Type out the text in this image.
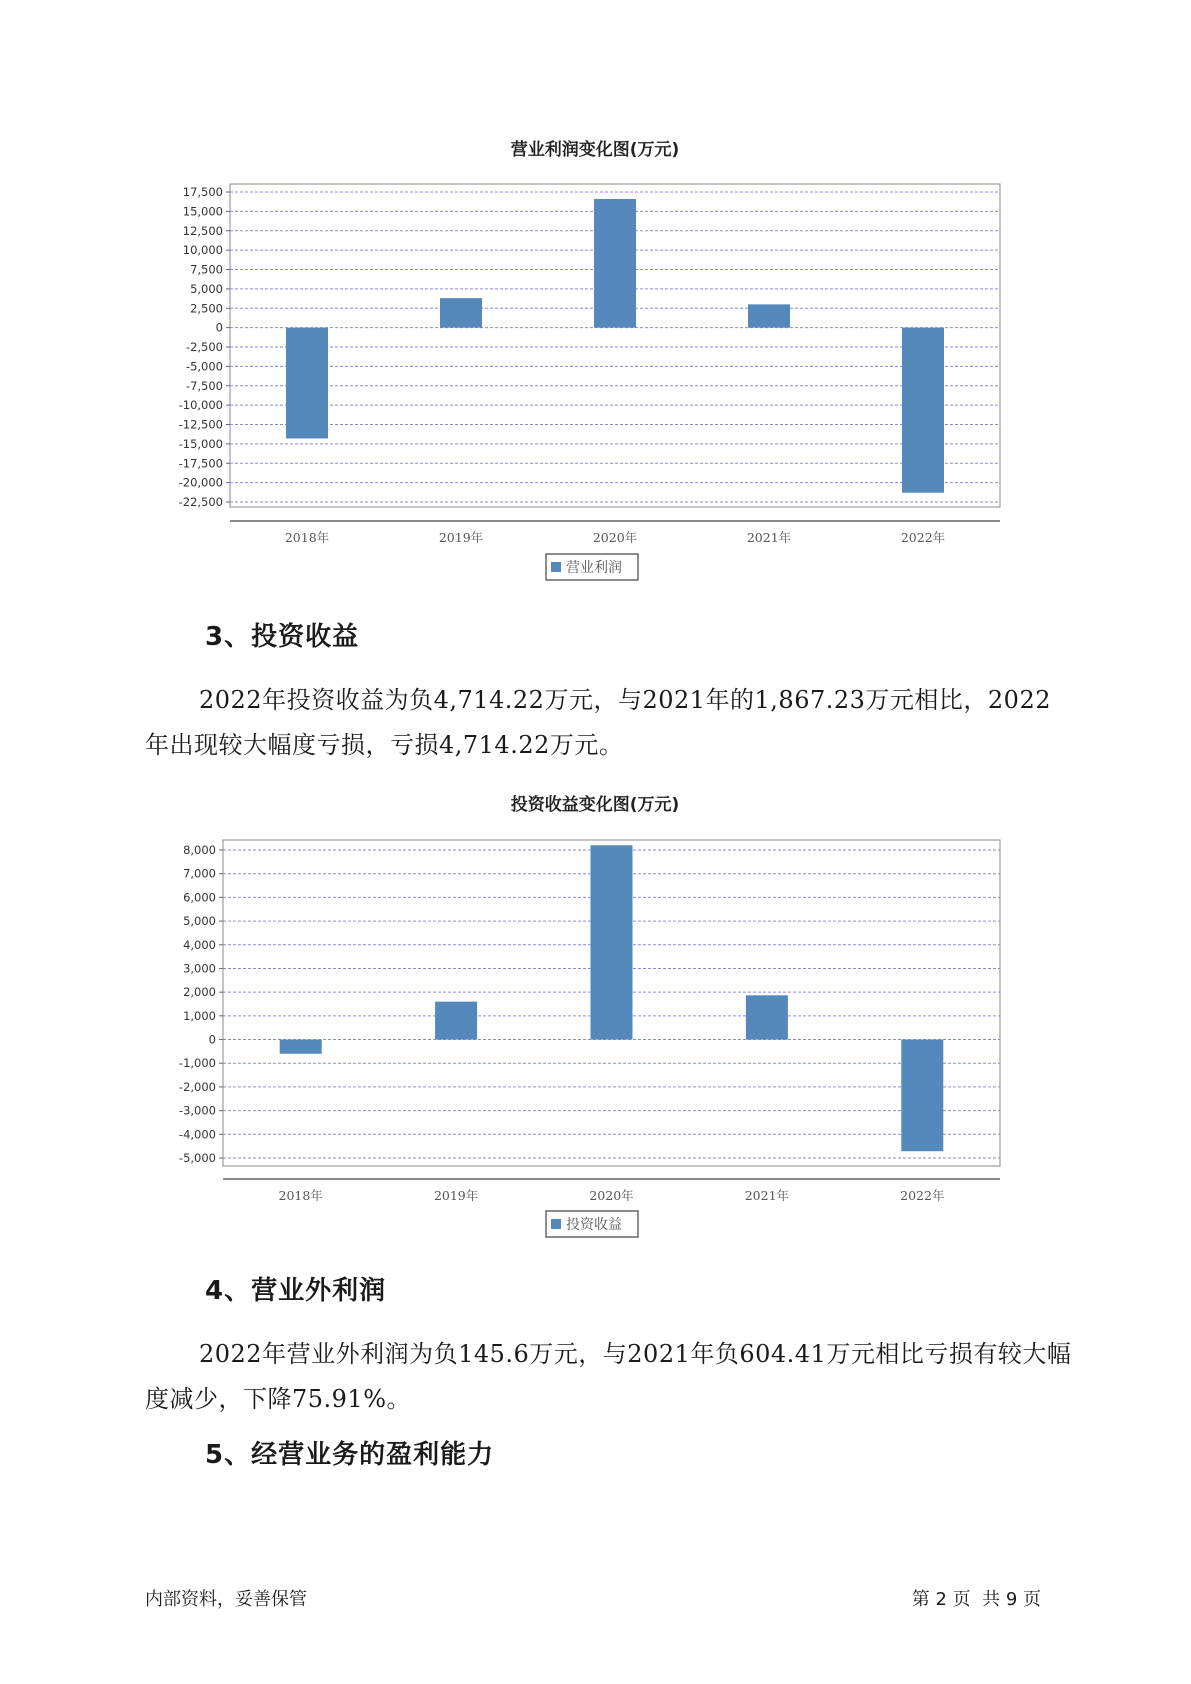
营业利润变化图(万元)
17,500
15,000
12,500
10,000
7,500
5,000
2,500
0
-2,500
-5,000
-7,500
-10,000
-12,500
-15,000
-17,500
-20,000
-22,500
2018年	2019年	2020年	2021年	2022年
营业利润
3、投资收益

2022年投资收益为负4,714.22万元，与2021年的1,867.23万元相比，2022年出现较大幅度亏损，亏损4,714.22万元。

投资收益变化图(万元)
8,000
7,000
6,000
5,000
4,000
3,000
2,000
1,000
0
-1,000
-2,000
-3,000
-4,000
-5,000
2018年	2019年	2020年	2021年	2022年
投资收益
4、营业外利润

2022年营业外利润为负145.6万元，与2021年负604.41万元相比亏损有较大幅度减少，下降75.91%。

5、经营业务的盈利能力
内部资料，妥善保管	第 2 页  共 9 页
